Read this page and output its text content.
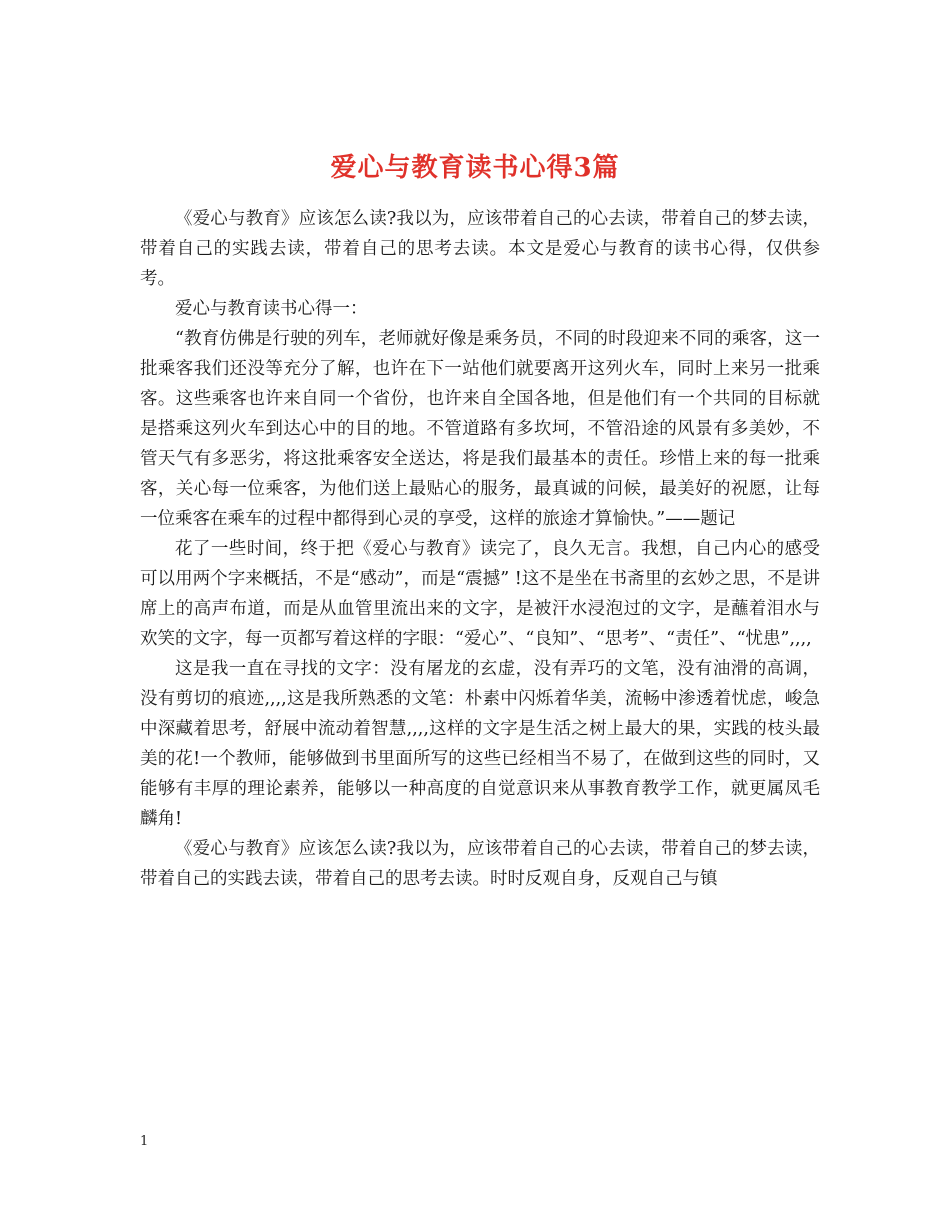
爱心与教育读书心得3篇

《爱心与教育》应该怎么读?我以为，应该带着自己的心去读，带着自己的梦去读，带着自己的实践去读，带着自己的思考去读。本文是爱心与教育的读书心得，仅供参考。

爱心与教育读书心得一：

“教育仿佛是行驶的列车，老师就好像是乘务员，不同的时段迎来不同的乘客，这一批乘客我们还没等充分了解，也许在下一站他们就要离开这列火车，同时上来另一批乘客。这些乘客也许来自同一个省份，也许来自全国各地，但是他们有一个共同的目标就是搭乘这列火车到达心中的目的地。不管道路有多坎坷，不管沿途的风景有多美妙，不管天气有多恶劣，将这批乘客安全送达，将是我们最基本的责任。珍惜上来的每一批乘客，关心每一位乘客，为他们送上最贴心的服务，最真诚的问候，最美好的祝愿，让每一位乘客在乘车的过程中都得到心灵的享受，这样的旅途才算愉快。”——题记

花了一些时间，终于把《爱心与教育》读完了，良久无言。我想，自己内心的感受可以用两个字来概括，不是“感动”，而是“震撼” !这不是坐在书斋里的玄妙之思，不是讲席上的高声布道，而是从血管里流出来的文字，是被汗水浸泡过的文字，是蘸着泪水与欢笑的文字，每一页都写着这样的字眼：“爱心”、“良知”、“思考”、“责任”、“忧患”,,,,

这是我一直在寻找的文字：没有屠龙的玄虚，没有弄巧的文笔，没有油滑的高调，没有剪切的痕迹,,,,这是我所熟悉的文笔：朴素中闪烁着华美，流畅中渗透着忧虑，峻急中深藏着思考，舒展中流动着智慧,,,,这样的文字是生活之树上最大的果，实践的枝头最美的花!一个教师，能够做到书里面所写的这些已经相当不易了，在做到这些的同时，又能够有丰厚的理论素养，能够以一种高度的自觉意识来从事教育教学工作，就更属凤毛麟角!

《爱心与教育》应该怎么读?我以为，应该带着自己的心去读，带着自己的梦去读，带着自己的实践去读，带着自己的思考去读。时时反观自身，反观自己与镇

1
